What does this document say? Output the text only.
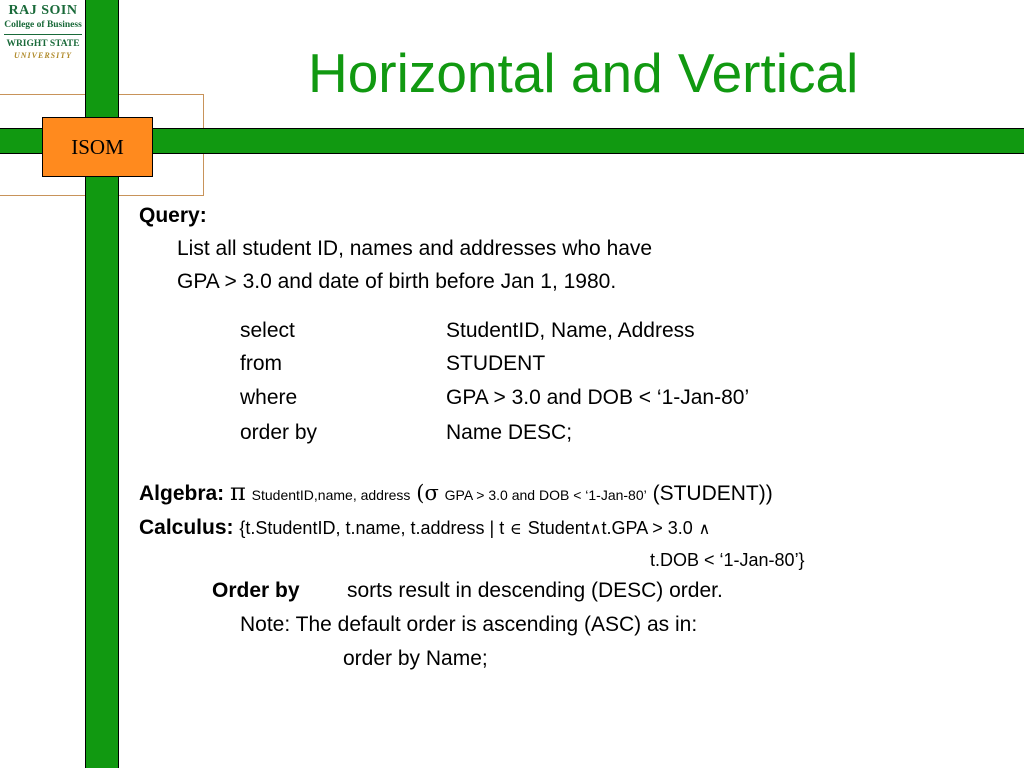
ISOM
RAJ SOIN
College of Business
WRIGHT STATE
UNIVERSITY	Horizontal and Vertical
Query:
List all student ID, names and addresses who have
GPA > 3.0 and date of birth before Jan 1, 1980.
select	StudentID, Name, Address
from	STUDENT
where	GPA > 3.0 and DOB < ‘1-Jan-80’
order by	Name DESC;
Algebra: π StudentID,name, address (σ GPA > 3.0 and DOB < ‘1-Jan-80’ (STUDENT))
Calculus: {t.StudentID, t.name, t.address | t ∈ Student∧t.GPA > 3.0 ∧
t.DOB < ‘1-Jan-80’}
Order by sorts result in descending (DESC) order.
Note: The default order is ascending (ASC) as in:
order by Name;
